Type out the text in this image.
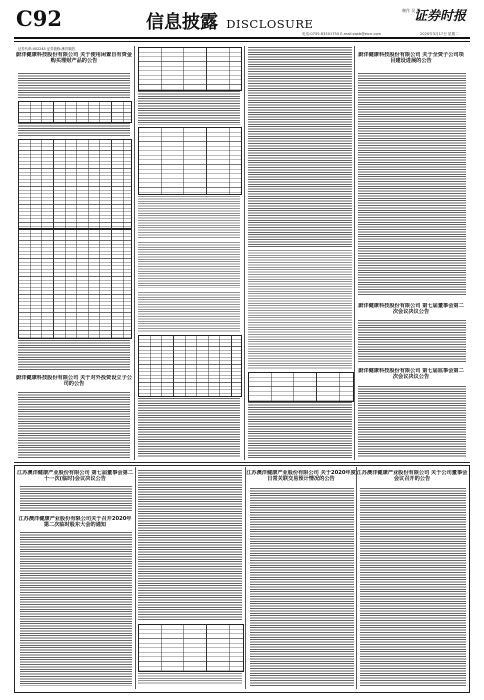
C92	信息披露 DISCLOSURE
制作 吴 琳
证券时报
电话:0755-83501750 E-mail:zqsb@stcn.com	2020年3月17日 星期二
证券代码:002245 证券简称:澳洋顺昌
蔚洋健康科技股份有限公司 关于使用闲置自有资金购买理财产品的公告
蔚洋健康科技股份有限公司 关于对外投资设立子公司的公告
蔚洋健康科技股份有限公司 关于全资子公司项目建设进展的公告
蔚洋健康科技股份有限公司 第七届董事会第二次会议决议公告
蔚洋健康科技股份有限公司 第七届监事会第二次会议决议公告
江苏澳洋健康产业股份有限公司 第七届董事会第二十一次(临时)会议决议公告
江苏澳洋健康产业股份有限公司关于召开2020年第二次临时股东大会的通知
江苏澳洋健康产业股份有限公司 关于2020年度日常关联交易预计情况的公告
江苏澳洋健康产业股份有限公司 关于公司董事会会议召开的公告
